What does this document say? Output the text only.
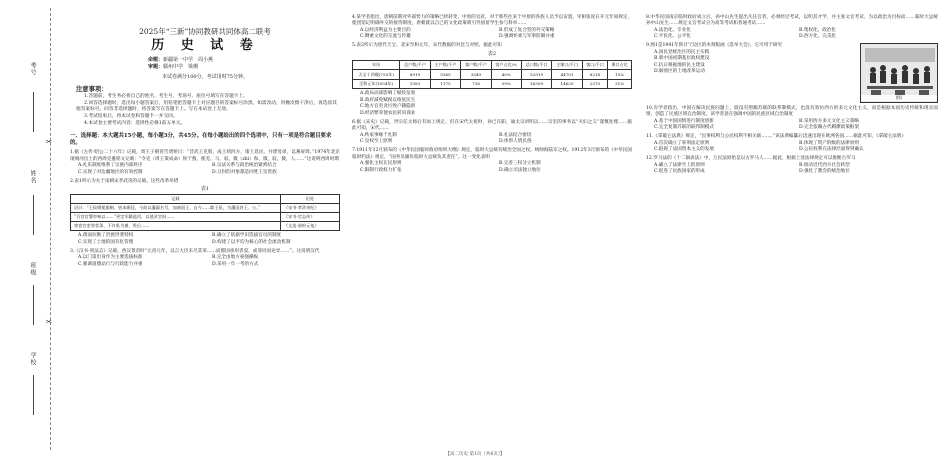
考号
姓名
班级
学校
✂
✂
2025年“三新”协同教研共同体高二联考
历 史 试 卷
命题：新疆第一中学　周小燕
审题：赣州中学　梁珊
本试卷满分100分，考试用时75分钟。
注意事项：

1.答题前，考生务必将自己的姓名、考生号、考场号、座位号填写在答题卡上。

2.回答选择题时，选出每小题答案后，用铅笔把答题卡上对应题目的答案标号涂黑。如需改动，用橡皮擦干净后，再选涂其他答案标号。回答非选择题时，将答案写在答题卡上。写在本试卷上无效。

3.考试结束后，将本试卷和答题卡一并交回。

4.本试卷主要考试内容：选择性必修1前五单元。

一、选择题：本大题共15小题，每小题3分，共45分。在每小题给出的四个选项中，只有一项是符合题目要求的。
1.据《左传·昭公二十六年》记载，周王子朝曾告诸侯曰：“昔武王克殷，成王靖四方，康王息民，并建母弟，以蕃屏周。”1974年北京琉璃河出土的西周克盉铭文记载：“令克（周王策成命）侯于燕，使羌、马、驭、微（zhi）和、微、驭、微，人……”这说明西周时期
A.礼乐制度维系了宗族内部秩序	B.宗法关系与政治统治紧密结合
C.实现了对边疆地区的有效控制	D.分封的对象都是同姓王室贵族
2.表1所示为关于南朝宋孝武帝的记载。这些改革举措
表1
记载	出处
诏曰：“王侯缀冕服制，皆本朝廷，今欲以藩邸名号，加诸国王、自今……除王侯，为藩国封王、公。”	《宋书·孝武帝纪》
“百官官署审核以……”更定军籍选用，以建武官府……	《宋书·官志传》
寄宦官吏罪状条，不许私为逋，殁后……	《文选·册府元龟》
A.削弱抗衡了贵族世袭特权	B.确立了依据学识选拔官员的制度
C.实现了土地的国有化管理	D.构建了以平均为核心的社会流动机制
3.《汉书·刑法志》记载，西汉景帝时“元帝元年，以言大臣未尽其罪……而郡国承用者驳，或罪同而论异……”。这说明汉代
A.以门第出身作为主要选拔标准	B.完全由地方豪强操纵
C.强调道德品行与行政能力并重	D.采用一年一考的方式
4.某学者指出，唐朝前期对外部势力的策略已经转变，中原的官府，对于那些往来于中原的各族人员予以安置，宰相张说在开元年间规定，使团馆记明确外交的接待制度。唐朝就以自己的文化政策吸引外国留学生参与科举……
A.以经济利益为主要目的	B.形成了复合型的外交策略
C.侧重文化的交流与传播	D.强调怀柔与军事防御并重
5.表2所示为唐代天宝、北宋至和元年，宋代数据的对比与对照，据此可知
表2
年份	总户数/千户	主户数/千户	客户数/千户	客户占比/%	总口数/千口	主课口/千口	客口/千口	课口占比
天宝十四载(755年)	8919	5365	3549	40%	52919	44701	8218	15%
至和元年(1054年)	1583	1175	738	39%	16309	14620	2370	31%
A.政局动荡影响了赋役征收
B.政府减免赋税以恢复民生
C.地方官吏贪污致户籍隐匿
D.经济繁荣使农民转向商业
6.据《宋史》记载，世宗任太师后有如上规定，但在宋代太祖时，孙已在职，谕太宗讲明以……宗室的事务以“夫妇之义”谨慎处理……据此可知，宋代……
A.秩家事缘于礼制	B.礼法结合密切
C.皇权至上原则	D.体察人情民俗
7.1911年12月颁布的《中华民国临时政府组织大纲》规定，临时大总统有统治全国之权，统帅海陆军之权。1912年3月颁布的《中华民国临时约法》规定，“国务员辅佐临时大总统负其责任”。这一变化表明
A.强化主权在民原则	B.完善三权分立机制
C.限制行政权力扩张	D.确立司法独立地位
8.中华民国南京临时政府成立后，孙中山先生提出凡任官者，必须经过考试，以明其才学，并主张文官考试，为以政治为目标而……临时大总统孙中山先生……规定文官考试分为高等考试和普通考试……
A.法治化、专业化	B.集权化、政治化
C.平民化、公平化	D.西方化、完美化
9.图1是1941年陕甘宁边区的木刻版画《选举大会》，它可用于研究
A.国民党统治区的民主实践
B.新中国初期基层政权建设
C.抗日根据地的民主建设
D.解放区的土地改革运动
图1
10.有学者指出，中国在解决民族问题上，既没有照搬苏联的联邦制模式，也没有效仿西方的多元文化主义，而是根据本国历史传统和现实国情，创造了民族区域自治制度。该学者意在强调中国的民族区域自治制度
A.基于中国国情进行制度创新	B.采用西方多元文化主义策略
C.完全复制苏联的联邦制模式	D.完全依赖古代羁縻政策框架
11.《拿破仑法典》规定，“民事权利与公民权利不相关联……。”该法典编纂后迅速出现在欧洲各国……据此可知，《拿破仑法典》
A.首次确立了罪刑法定原则	B.体现了资产阶级的法律原则
C.阻碍了法国资本主义的发展	D.公民权利在法律层面得到确认
12.罗马法的《十二铜表法》中，万民法原始是以古罗马人……据此，根据上述法律规定可以推断古罗马
A.确立了法律至上的原则	B.推动近代西方社会转型
C.促进了民族国家的形成	D.强化了教会的统治地位
【高二历史 第1页（共6页）】
